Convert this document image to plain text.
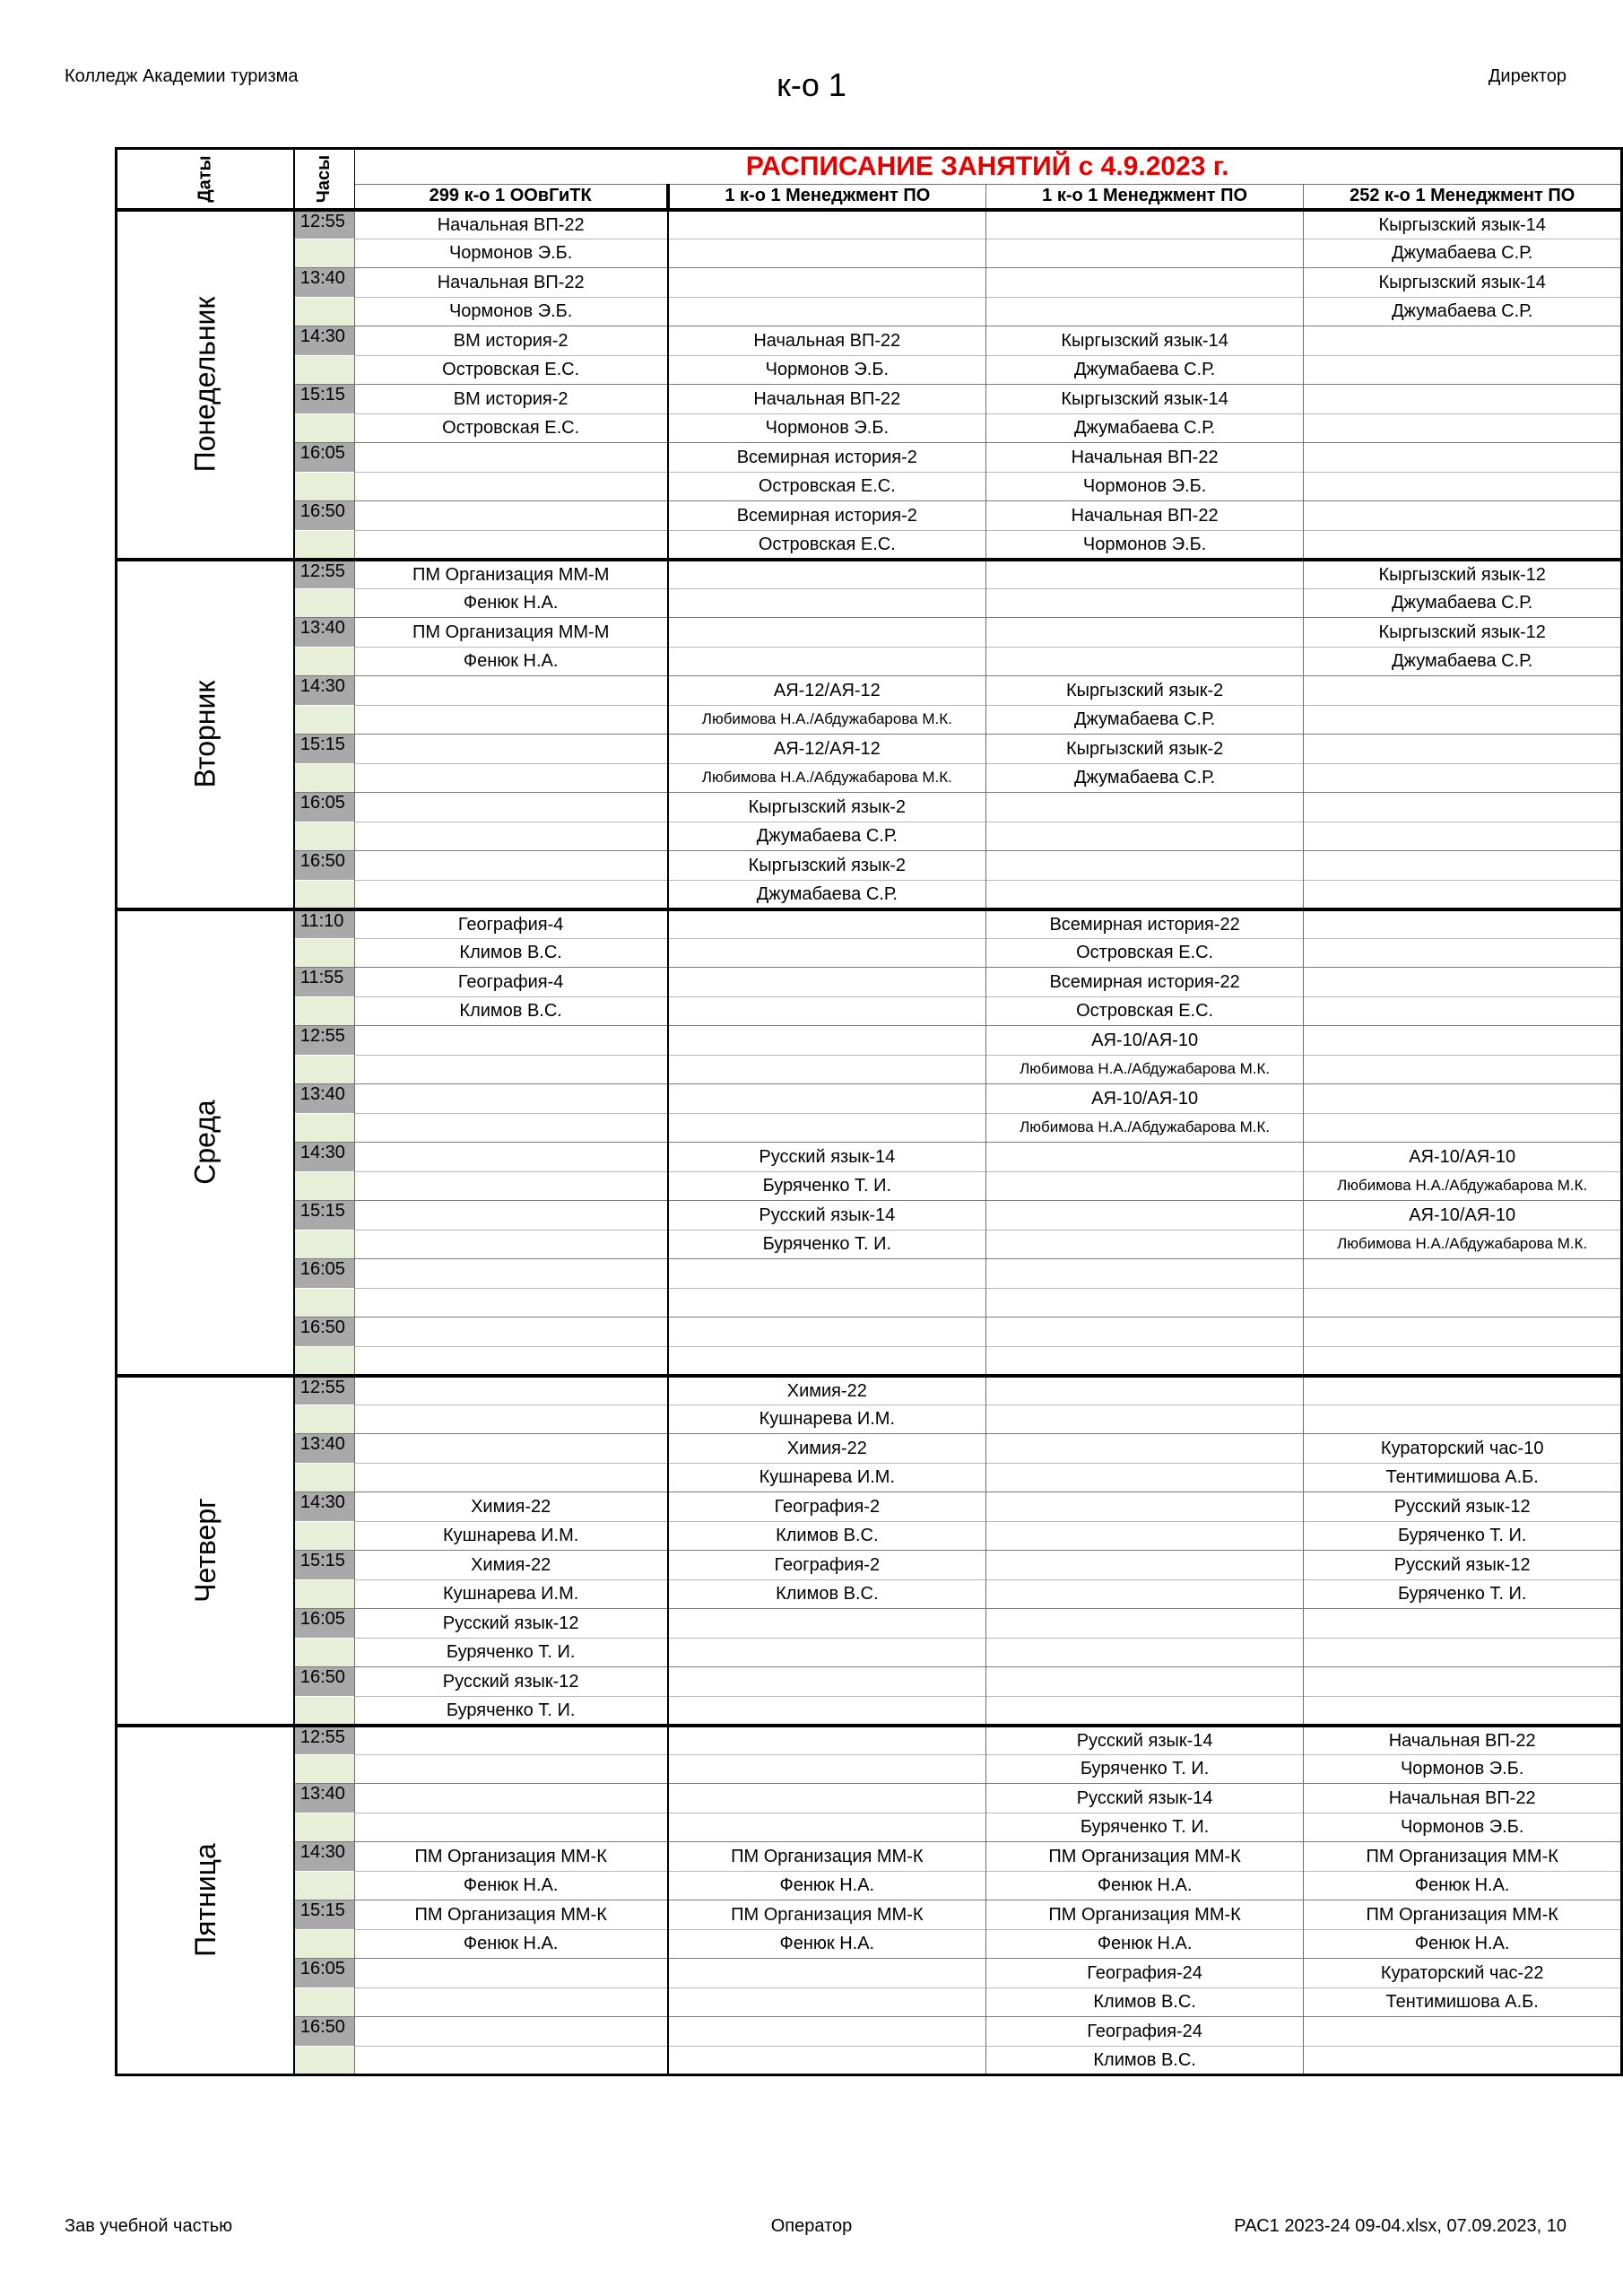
Колледж Академии туризма	к-о 1	Директор
Даты	Часы	РАСПИСАНИЕ ЗАНЯТИЙ с 4.9.2023 г.			
		299 к-о 1 ООвГиТК	1 к-о 1 Менеджмент ПО	1 к-о 1 Менеджмент ПО	252 к-о 1 Менеджмент ПО
Понедельник	12:55	Начальная ВП-22			Кыргызский язык-14
		Чормонов Э.Б.			Джумабаева С.Р.
	13:40	Начальная ВП-22			Кыргызский язык-14
		Чормонов Э.Б.			Джумабаева С.Р.
	14:30	ВМ история-2	Начальная ВП-22	Кыргызский язык-14	
		Островская Е.С.	Чормонов Э.Б.	Джумабаева С.Р.	
	15:15	ВМ история-2	Начальная ВП-22	Кыргызский язык-14	
		Островская Е.С.	Чормонов Э.Б.	Джумабаева С.Р.	
	16:05		Всемирная история-2	Начальная ВП-22	
			Островская Е.С.	Чормонов Э.Б.	
	16:50		Всемирная история-2	Начальная ВП-22	
			Островская Е.С.	Чормонов Э.Б.	
Вторник	12:55	ПМ Организация ММ-М			Кыргызский язык-12
		Фенюк Н.А.			Джумабаева С.Р.
	13:40	ПМ Организация ММ-М			Кыргызский язык-12
		Фенюк Н.А.			Джумабаева С.Р.
	14:30		АЯ-12/АЯ-12	Кыргызский язык-2	
			Любимова Н.А./Абдужабарова М.К.	Джумабаева С.Р.	
	15:15		АЯ-12/АЯ-12	Кыргызский язык-2	
			Любимова Н.А./Абдужабарова М.К.	Джумабаева С.Р.	
	16:05		Кыргызский язык-2		
			Джумабаева С.Р.		
	16:50		Кыргызский язык-2		
			Джумабаева С.Р.		
Среда	11:10	География-4		Всемирная история-22	
		Климов В.С.		Островская Е.С.	
	11:55	География-4		Всемирная история-22	
		Климов В.С.		Островская Е.С.	
	12:55			АЯ-10/АЯ-10	
				Любимова Н.А./Абдужабарова М.К.	
	13:40			АЯ-10/АЯ-10	
				Любимова Н.А./Абдужабарова М.К.	
	14:30		Русский язык-14		АЯ-10/АЯ-10
			Буряченко Т. И.		Любимова Н.А./Абдужабарова М.К.
	15:15		Русский язык-14		АЯ-10/АЯ-10
			Буряченко Т. И.		Любимова Н.А./Абдужабарова М.К.
	16:05				

	16:50				

Четверг	12:55		Химия-22		
			Кушнарева И.М.		
	13:40		Химия-22		Кураторский час-10
			Кушнарева И.М.		Тентимишова А.Б.
	14:30	Химия-22	География-2		Русский язык-12
		Кушнарева И.М.	Климов В.С.		Буряченко Т. И.
	15:15	Химия-22	География-2		Русский язык-12
		Кушнарева И.М.	Климов В.С.		Буряченко Т. И.
	16:05	Русский язык-12			
		Буряченко Т. И.			
	16:50	Русский язык-12			
		Буряченко Т. И.			
Пятница	12:55			Русский язык-14	Начальная ВП-22
				Буряченко Т. И.	Чормонов Э.Б.
	13:40			Русский язык-14	Начальная ВП-22
				Буряченко Т. И.	Чормонов Э.Б.
	14:30	ПМ Организация ММ-К	ПМ Организация ММ-К	ПМ Организация ММ-К	ПМ Организация ММ-К
		Фенюк Н.А.	Фенюк Н.А.	Фенюк Н.А.	Фенюк Н.А.
	15:15	ПМ Организация ММ-К	ПМ Организация ММ-К	ПМ Организация ММ-К	ПМ Организация ММ-К
		Фенюк Н.А.	Фенюк Н.А.	Фенюк Н.А.	Фенюк Н.А.
	16:05			География-24	Кураторский час-22
				Климов В.С.	Тентимишова А.Б.
	16:50			География-24	
				Климов В.С.	
Зав учебной частью	Оператор	РАС1 2023-24 09-04.xlsx, 07.09.2023, 10
